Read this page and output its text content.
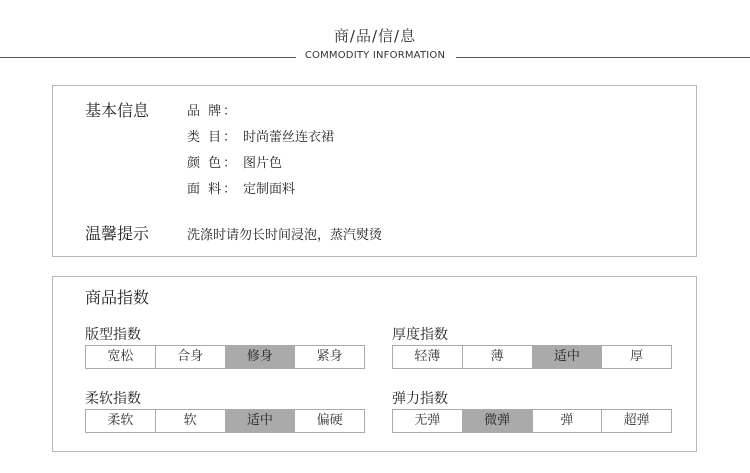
商/品/信/息
COMMODITY INFORMATION
基本信息	品 牌：
类 目： 时尚蕾丝连衣裙
颜 色： 图片色
面 料： 定制面料
温馨提示	洗涤时请勿长时间浸泡，蒸汽熨烫
商品指数
版型指数
宽松	合身	修身	紧身
厚度指数
轻薄	薄	适中	厚
柔软指数
柔软	软	适中	偏硬
弹力指数
无弹	微弹	弹	超弹
